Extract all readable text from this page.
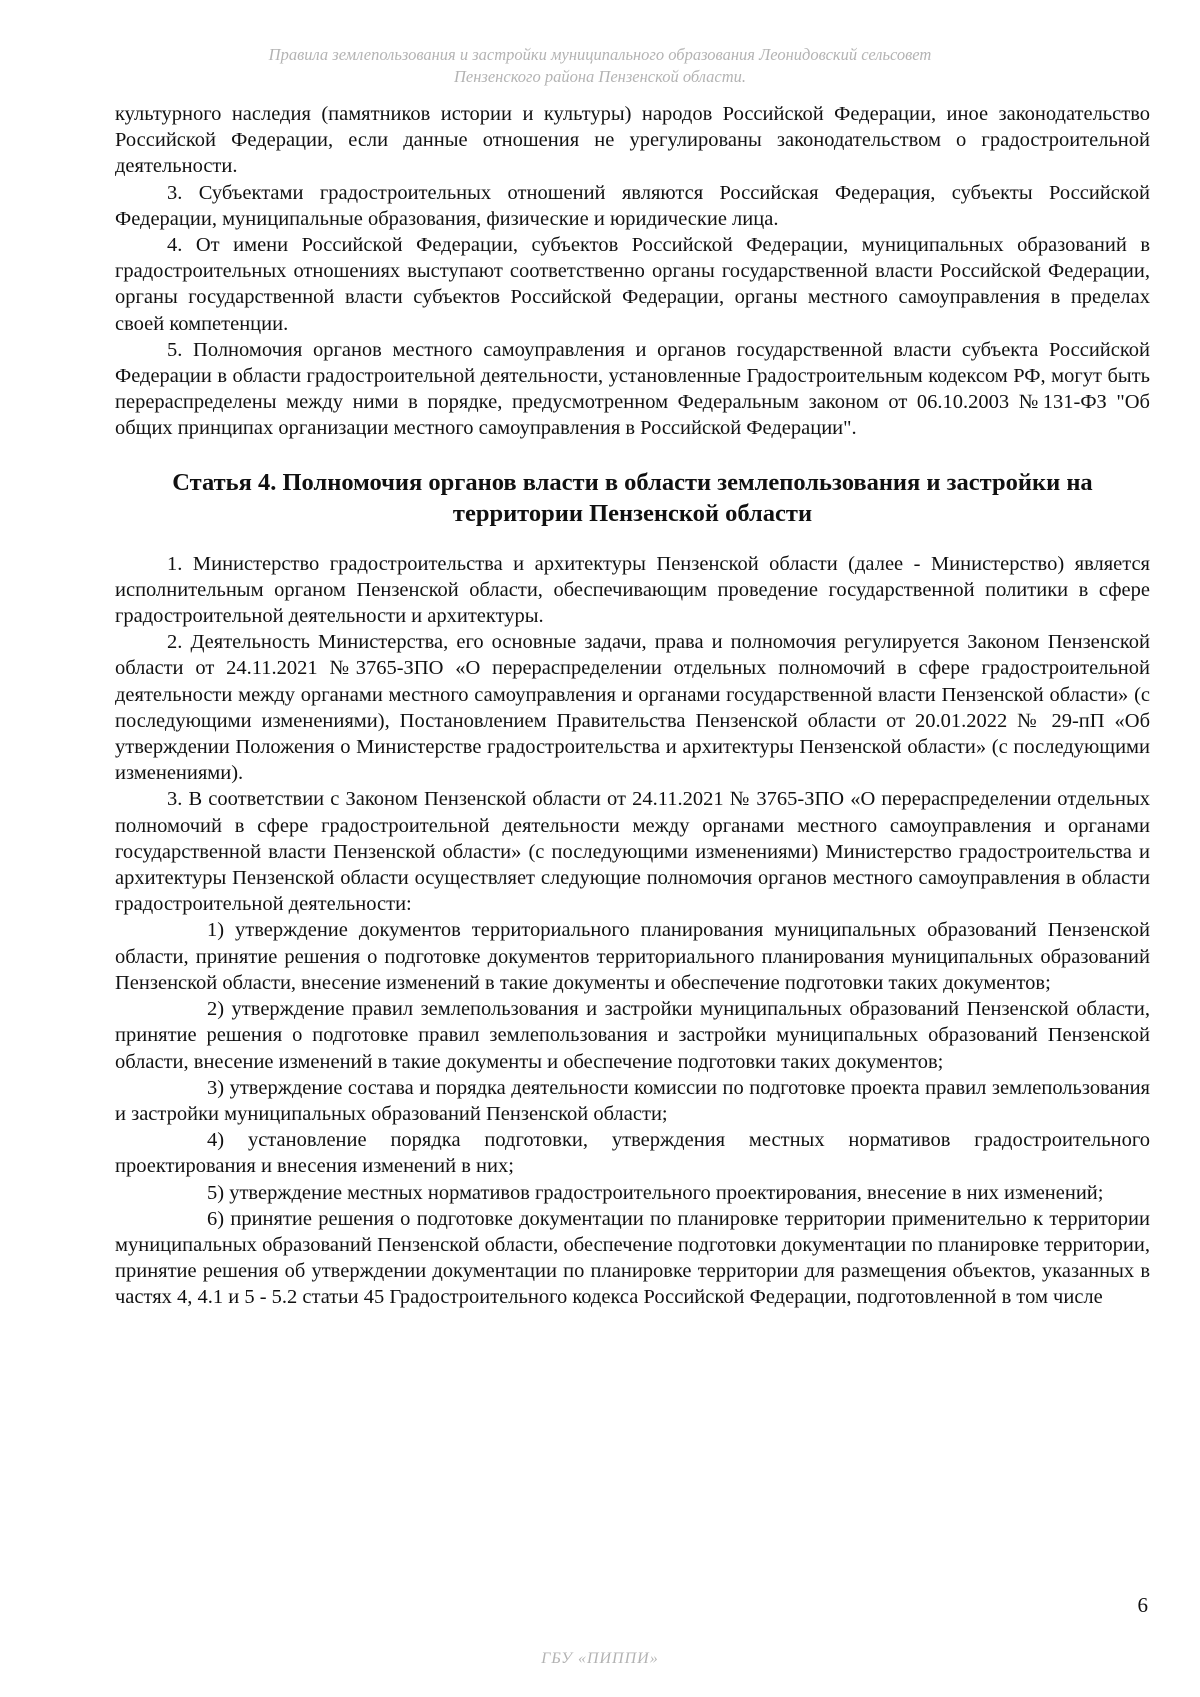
Правила землепользования и застройки муниципального образования Леонидовский сельсовет
Пензенского района Пензенской области.

культурного наследия (памятников истории и культуры) народов Российской Федерации, иное законодательство Российской Федерации, если данные отношения не урегулированы законодательством о градостроительной деятельности.

3. Субъектами градостроительных отношений являются Российская Федерация, субъекты Российской Федерации, муниципальные образования, физические и юридические лица.

4. От имени Российской Федерации, субъектов Российской Федерации, муниципальных образований в градостроительных отношениях выступают соответственно органы государственной власти Российской Федерации, органы государственной власти субъектов Российской Федерации, органы местного самоуправления в пределах своей компетенции.

5. Полномочия органов местного самоуправления и органов государственной власти субъекта Российской Федерации в области градостроительной деятельности, установленные Градостроительным кодексом РФ, могут быть перераспределены между ними в порядке, предусмотренном Федеральным законом от 06.10.2003 №131-ФЗ "Об общих принципах организации местного самоуправления в Российской Федерации".

Статья 4. Полномочия органов власти в области землепользования и застройки на территории Пензенской области

1. Министерство градостроительства и архитектуры Пензенской области (далее - Министерство) является исполнительным органом Пензенской области, обеспечивающим проведение государственной политики в сфере градостроительной деятельности и архитектуры.

2. Деятельность Министерства, его основные задачи, права и полномочия регулируется Законом Пензенской области от 24.11.2021 №3765-ЗПО «О перераспределении отдельных полномочий в сфере градостроительной деятельности между органами местного самоуправления и органами государственной власти Пензенской области» (с последующими изменениями), Постановлением Правительства Пензенской области от 20.01.2022 № 29-пП «Об утверждении Положения о Министерстве градостроительства и архитектуры Пензенской области» (с последующими изменениями).

3. В соответствии с Законом Пензенской области от 24.11.2021 № 3765-ЗПО «О перераспределении отдельных полномочий в сфере градостроительной деятельности между органами местного самоуправления и органами государственной власти Пензенской области» (с последующими изменениями) Министерство градостроительства и архитектуры Пензенской области осуществляет следующие полномочия органов местного самоуправления в области градостроительной деятельности:

1) утверждение документов территориального планирования муниципальных образований Пензенской области, принятие решения о подготовке документов территориального планирования муниципальных образований Пензенской области, внесение изменений в такие документы и обеспечение подготовки таких документов;

2) утверждение правил землепользования и застройки муниципальных образований Пензенской области, принятие решения о подготовке правил землепользования и застройки муниципальных образований Пензенской области, внесение изменений в такие документы и обеспечение подготовки таких документов;

3) утверждение состава и порядка деятельности комиссии по подготовке проекта правил землепользования и застройки муниципальных образований Пензенской области;

4) установление порядка подготовки, утверждения местных нормативов градостроительного проектирования и внесения изменений в них;

5) утверждение местных нормативов градостроительного проектирования, внесение в них изменений;

6) принятие решения о подготовке документации по планировке территории применительно к территории муниципальных образований Пензенской области, обеспечение подготовки документации по планировке территории, принятие решения об утверждении документации по планировке территории для размещения объектов, указанных в частях 4, 4.1 и 5 - 5.2 статьи 45 Градостроительного кодекса Российской Федерации, подготовленной в том числе

6
ГБУ «ПИППИ»
